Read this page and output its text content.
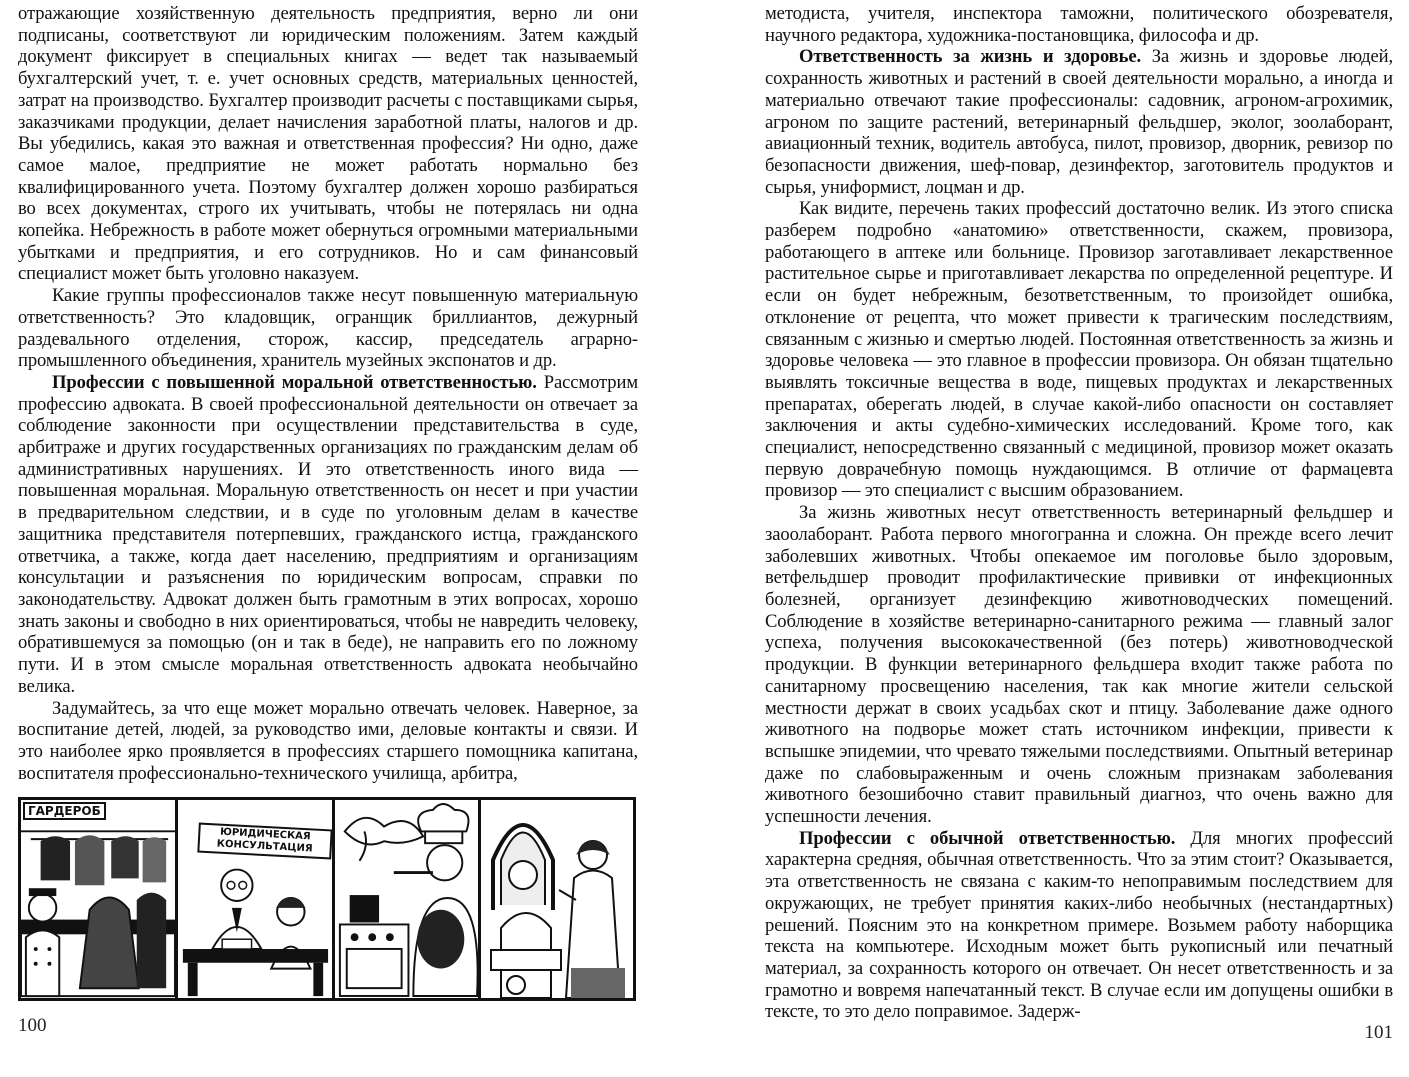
отражающие хозяйственную деятельность предприятия, верно ли они подписаны, соответствуют ли юридическим положениям. Затем каждый документ фиксирует в специальных книгах — ведет так называемый бухгалтерский учет, т. е. учет основных средств, материальных ценностей, затрат на производство. Бухгалтер производит расчеты с поставщиками сырья, заказчиками продукции, делает начисления заработной платы, налогов и др. Вы убедились, какая это важная и ответственная профессия? Ни одно, даже самое малое, предприятие не может работать нормально без квалифицированного учета. Поэтому бухгалтер должен хорошо разбираться во всех документах, строго их учитывать, чтобы не потерялась ни одна копейка. Небрежность в работе может обернуться огромными материальными убытками и предприятия, и его сотрудников. Но и сам финансовый специалист может быть уголовно наказуем.

Какие группы профессионалов также несут повышенную материальную ответственность? Это кладовщик, огранщик бриллиантов, дежурный раздевального отделения, сторож, кассир, председатель аграрно-промышленного объединения, хранитель музейных экспонатов и др.

Профессии с повышенной моральной ответственностью. Рассмотрим профессию адвоката. В своей профессиональной деятельности он отвечает за соблюдение законности при осуществлении представительства в суде, арбитраже и других государственных организациях по гражданским делам об административных нарушениях. И это ответственность иного вида — повышенная моральная. Моральную ответственность он несет и при участии в предварительном следствии, и в суде по уголовным делам в качестве защитника представителя потерпевших, гражданского истца, гражданского ответчика, а также, когда дает населению, предприятиям и организациям консультации и разъяснения по юридическим вопросам, справки по законодательству. Адвокат должен быть грамотным в этих вопросах, хорошо знать законы и свободно в них ориентироваться, чтобы не навредить человеку, обратившемуся за помощью (он и так в беде), не направить его по ложному пути. И в этом смысле моральная ответственность адвоката необычайно велика.

Задумайтесь, за что еще может морально отвечать человек. Наверное, за воспитание детей, людей, за руководство ими, деловые контакты и связи. И это наиболее ярко проявляется в профессиях старшего помощника капитана, воспитателя профессионально-технического училища, арбитра,

ГАРДЕРОБ
ЮРИДИЧЕСКАЯ КОНСУЛЬТАЦИЯ
100

методиста, учителя, инспектора таможни, политического обозревателя, научного редактора, художника-постановщика, философа и др.

Ответственность за жизнь и здоровье. За жизнь и здоровье людей, сохранность животных и растений в своей деятельности морально, а иногда и материально отвечают такие профессионалы: садовник, агроном-агрохимик, агроном по защите растений, ветеринарный фельдшер, эколог, зоолаборант, авиационный техник, водитель автобуса, пилот, провизор, дворник, ревизор по безопасности движения, шеф-повар, дезинфектор, заготовитель продуктов и сырья, униформист, лоцман и др.

Как видите, перечень таких профессий достаточно велик. Из этого списка разберем подробно «анатомию» ответственности, скажем, провизора, работающего в аптеке или больнице. Провизор заготавливает лекарственное растительное сырье и приготавливает лекарства по определенной рецептуре. И если он будет небрежным, безответственным, то произойдет ошибка, отклонение от рецепта, что может привести к трагическим последствиям, связанным с жизнью и смертью людей. Постоянная ответственность за жизнь и здоровье человека — это главное в профессии провизора. Он обязан тщательно выявлять токсичные вещества в воде, пищевых продуктах и лекарственных препаратах, оберегать людей, в случае какой-либо опасности он составляет заключения и акты судебно-химических исследований. Кроме того, как специалист, непосредственно связанный с медициной, провизор может оказать первую доврачебную помощь нуждающимся. В отличие от фармацевта провизор — это специалист с высшим образованием.

За жизнь животных несут ответственность ветеринарный фельдшер и заоолаборант. Работа первого многогранна и сложна. Он прежде всего лечит заболевших животных. Чтобы опекаемое им поголовье было здоровым, ветфельдшер проводит профилактические прививки от инфекционных болезней, организует дезинфекцию животноводческих помещений. Соблюдение в хозяйстве ветеринарно-санитарного режима — главный залог успеха, получения высококачественной (без потерь) животноводческой продукции. В функции ветеринарного фельдшера входит также работа по санитарному просвещению населения, так как многие жители сельской местности держат в своих усадьбах скот и птицу. Заболевание даже одного животного на подворье может стать источником инфекции, привести к вспышке эпидемии, что чревато тяжелыми последствиями. Опытный ветеринар даже по слабовыраженным и очень сложным признакам заболевания животного безошибочно ставит правильный диагноз, что очень важно для успешности лечения.

Профессии с обычной ответственностью. Для многих профессий характерна средняя, обычная ответственность. Что за этим стоит? Оказывается, эта ответственность не связана с каким-то непоправимым последствием для окружающих, не требует принятия каких-либо необычных (нестандартных) решений. Поясним это на конкретном примере. Возьмем работу наборщика текста на компьютере. Исходным может быть рукописный или печатный материал, за сохранность которого он отвечает. Он несет ответственность и за грамотно и вовремя напечатанный текст. В случае если им допущены ошибки в тексте, то это дело поправимое. Задерж-

101
